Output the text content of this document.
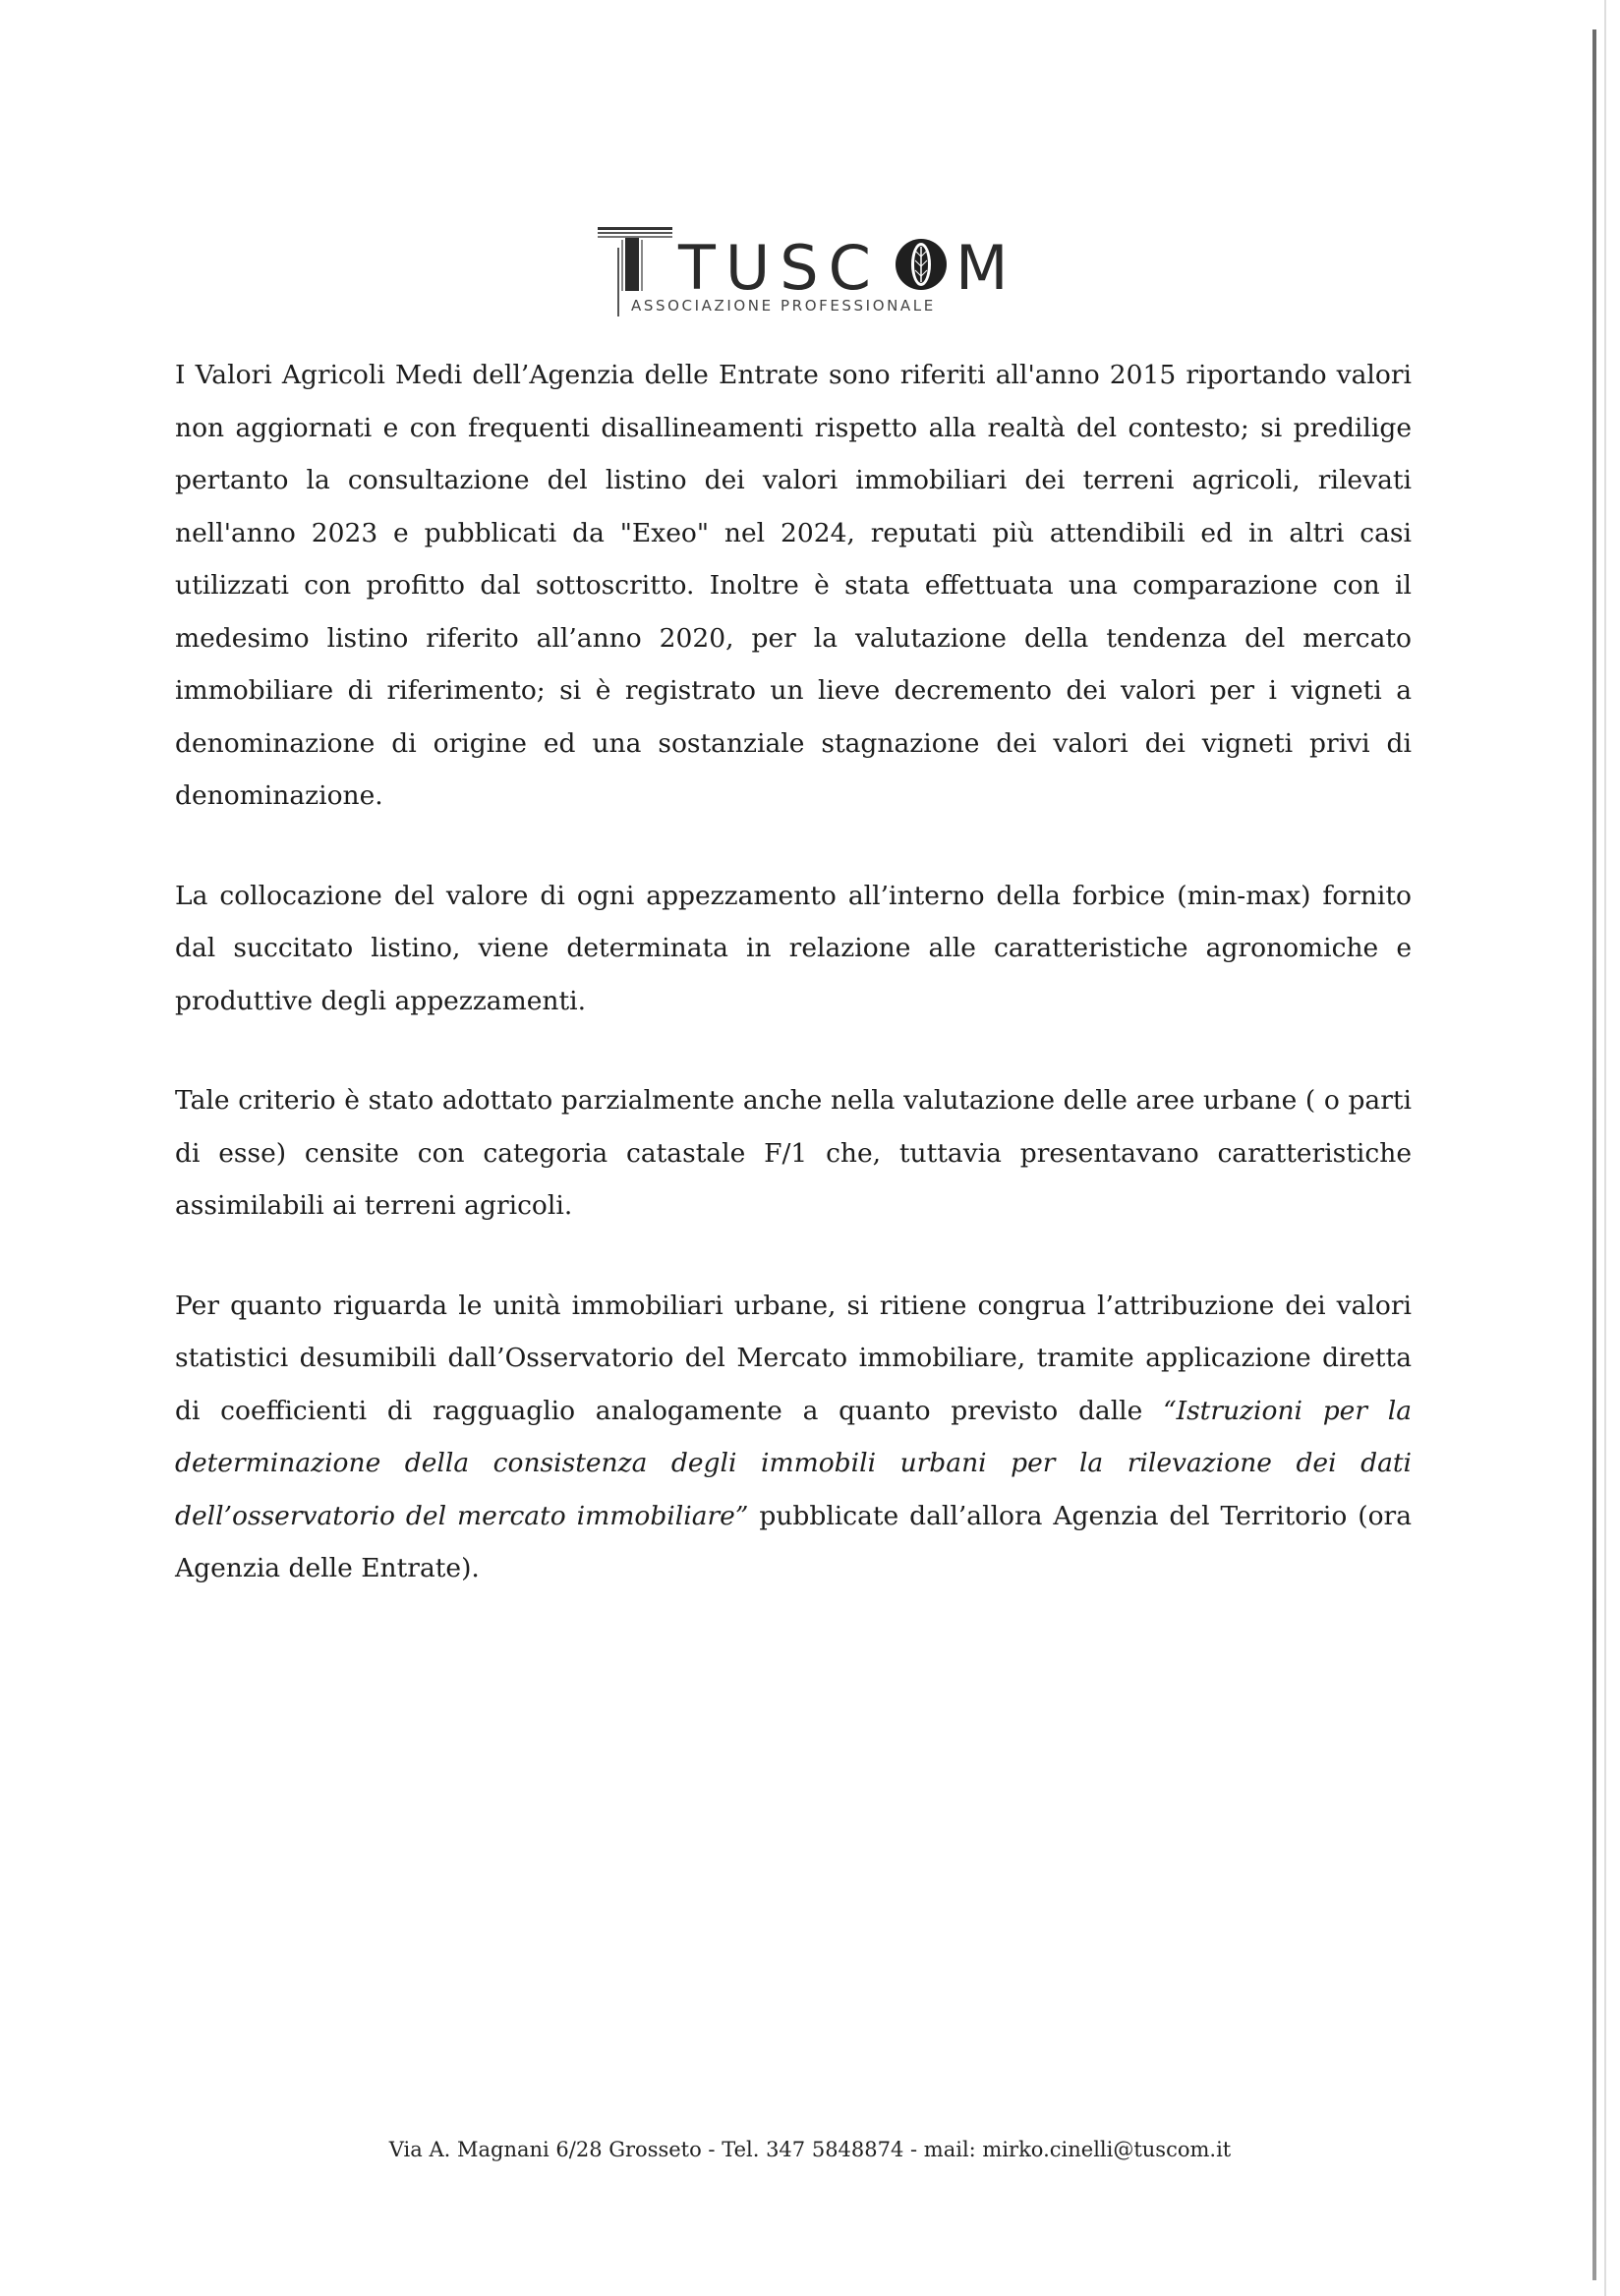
TUSC M
ASSOCIAZIONE PROFESSIONALE

I Valori Agricoli Medi dell’Agenzia delle Entrate sono riferiti all'anno 2015 riportando valori non aggiornati e con frequenti disallineamenti rispetto alla realtà del contesto; si predilige pertanto la consultazione del listino dei valori immobiliari dei terreni agricoli, rilevati nell'anno 2023 e pubblicati da "Exeo" nel 2024, reputati più attendibili ed in altri casi utilizzati con profitto dal sottoscritto. Inoltre è stata effettuata una comparazione con il medesimo listino riferito all’anno 2020, per la valutazione della tendenza del mercato immobiliare di riferimento; si è registrato un lieve decremento dei valori per i vigneti a denominazione di origine ed una sostanziale stagnazione dei valori dei vigneti privi di denominazione.

La collocazione del valore di ogni appezzamento all’interno della forbice (min-max) fornito dal succitato listino, viene determinata in relazione alle caratteristiche agronomiche e produttive degli appezzamenti.

Tale criterio è stato adottato parzialmente anche nella valutazione delle aree urbane ( o parti di esse) censite con categoria catastale F/1 che, tuttavia presentavano caratteristiche assimilabili ai terreni agricoli.

Per quanto riguarda le unità immobiliari urbane, si ritiene congrua l’attribuzione dei valori statistici desumibili dall’Osservatorio del Mercato immobiliare, tramite applicazione diretta di coefficienti di ragguaglio analogamente a quanto previsto dalle “Istruzioni per la determinazione della consistenza degli immobili urbani per la rilevazione dei dati dell’osservatorio del mercato immobiliare” pubblicate dall’allora Agenzia del Territorio (ora Agenzia delle Entrate).

Via A. Magnani 6/28 Grosseto - Tel. 347 5848874 - mail: mirko.cinelli@tuscom.it
